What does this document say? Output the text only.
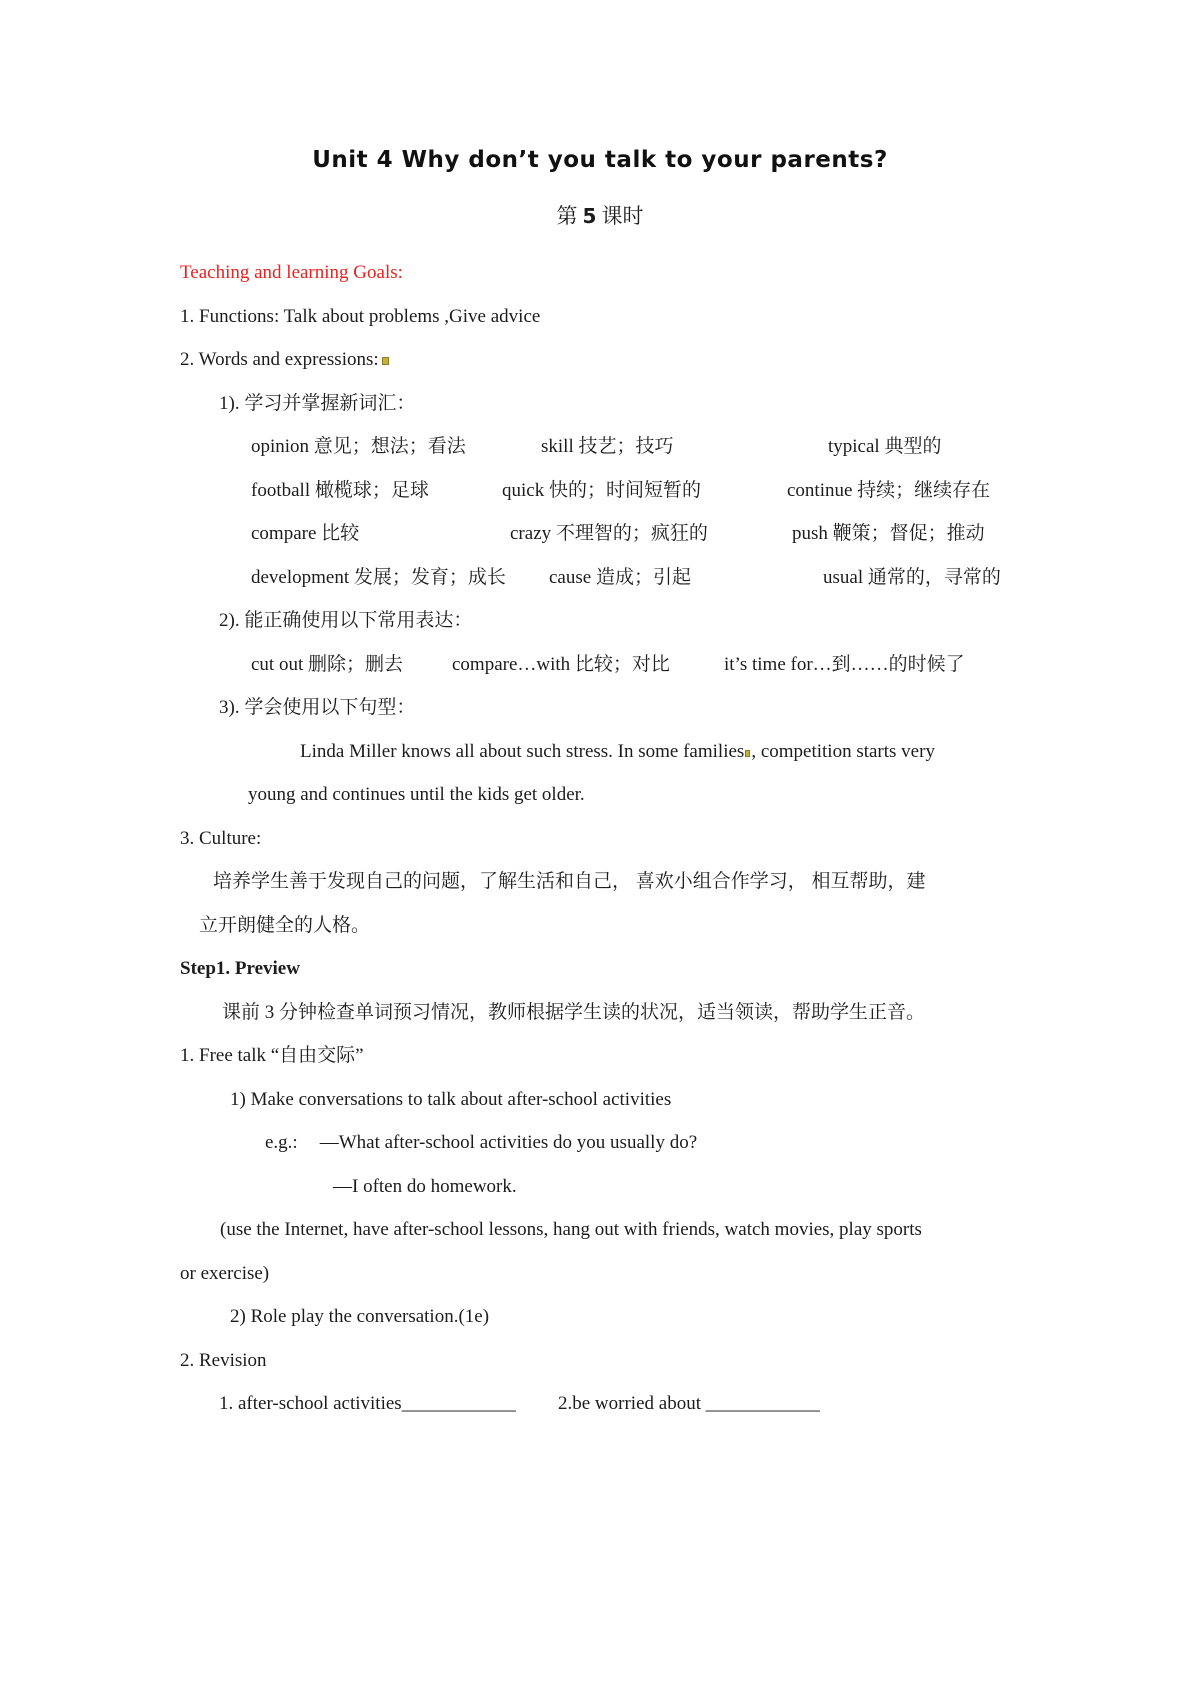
Unit 4 Why don’t you talk to your parents?
第 5 课时
Teaching and learning Goals:
1. Functions: Talk about problems ,Give advice
2. Words and expressions:
1). 学习并掌握新词汇：
opinion 意见；想法；看法	skill 技艺；技巧	typical 典型的
football 橄榄球；足球	quick 快的；时间短暂的	continue 持续；继续存在
compare 比较	crazy 不理智的；疯狂的	push 鞭策；督促；推动
development 发展；发育；成长 cause 造成；引起	usual 通常的，寻常的
2). 能正确使用以下常用表达：
cut out 删除；删去	compare…with 比较；对比	it’s time for…到……的时候了
3). 学会使用以下句型：
Linda Miller knows all about such stress. In some families , competition starts very
young and continues until the kids get older.
3. Culture:
培养学生善于发现自己的问题，了解生活和自己， 喜欢小组合作学习， 相互帮助，建
立开朗健全的人格。
Step1. Preview
课前 3 分钟检查单词预习情况，教师根据学生读的状况，适当领读，帮助学生正音。
1. Free talk “自由交际”
1) Make conversations to talk about after-school activities
e.g.: —What after-school activities do you usually do?
—I often do homework.
(use the Internet, have after-school lessons, hang out with friends, watch movies, play sports
or exercise)
2) Role play the conversation.(1e)
2. Revision
1. after-school activities____________ 2.be worried about ____________
